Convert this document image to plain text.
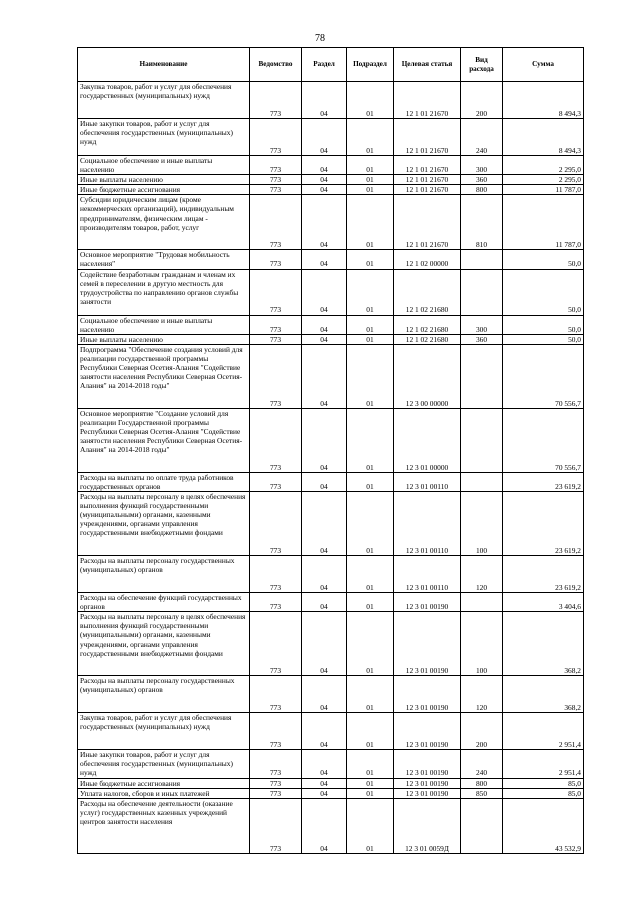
78
Наименование	Ведомство	Раздел	Подраздел	Целевая статья	Вид расхода	Сумма
Закупка товаров, работ и услуг для обеспечения государственных (муниципальных) нужд	773	04	01	12 1 01 21670	200	8 494,3
Иные закупки товаров, работ и услуг для обеспечения государственных (муниципальных) нужд	773	04	01	12 1 01 21670	240	8 494,3
Социальное обеспечение и иные выплаты населению	773	04	01	12 1 01 21670	300	2 295,0
Иные выплаты населению	773	04	01	12 1 01 21670	360	2 295,0
Иные бюджетные ассигнования	773	04	01	12 1 01 21670	800	11 787,0
Субсидии юридическим лицам (кроме некоммерческих организаций), индивидуальным предпринимателям, физическим лицам - производителям товаров, работ, услуг	773	04	01	12 1 01 21670	810	11 787,0
Основное мероприятие "Трудовая мобильность населения"	773	04	01	12 1 02 00000		50,0
Содействие безработным гражданам и членам их семей в переселении в другую местность для трудоустройства по направлению органов службы занятости	773	04	01	12 1 02 21680		50,0
Социальное обеспечение и иные выплаты населению	773	04	01	12 1 02 21680	300	50,0
Иные выплаты населению	773	04	01	12 1 02 21680	360	50,0
Подпрограмма "Обеспечение создания условий для реализации государственной программы Республики Северная Осетия-Алания "Содействие занятости населения Республики Северная Осетия-Алания" на 2014-2018 годы"	773	04	01	12 3 00 00000		70 556,7
Основное мероприятие "Создание условий для реализации Государственной программы Республики Северная Осетия-Алания "Содействие занятости населения Республики Северная Осетия-Алания" на 2014-2018 годы"	773	04	01	12 3 01 00000		70 556,7
Расходы на выплаты по оплате труда работников государственных органов	773	04	01	12 3 01 00110		23 619,2
Расходы на выплаты персоналу в целях обеспечения выполнения функций государственными (муниципальными) органами, казенными учреждениями, органами управления государственными внебюджетными фондами	773	04	01	12 3 01 00110	100	23 619,2
Расходы на выплаты персоналу государственных (муниципальных) органов	773	04	01	12 3 01 00110	120	23 619,2
Расходы на обеспечение функций государственных органов	773	04	01	12 3 01 00190		3 404,6
Расходы на выплаты персоналу в целях обеспечения выполнения функций государственными (муниципальными) органами, казенными учреждениями, органами управления государственными внебюджетными фондами	773	04	01	12 3 01 00190	100	368,2
Расходы на выплаты персоналу государственных (муниципальных) органов	773	04	01	12 3 01 00190	120	368,2
Закупка товаров, работ и услуг для обеспечения государственных (муниципальных) нужд	773	04	01	12 3 01 00190	200	2 951,4
Иные закупки товаров, работ и услуг для обеспечения государственных (муниципальных) нужд	773	04	01	12 3 01 00190	240	2 951,4
Иные бюджетные ассигнования	773	04	01	12 3 01 00190	800	85,0
Уплата налогов, сборов и иных платежей	773	04	01	12 3 01 00190	850	85,0
Расходы на обеспечение деятельности (оказание услуг) государственных казенных учреждений центров занятости населения	773	04	01	12 3 01 0059Д		43 532,9
